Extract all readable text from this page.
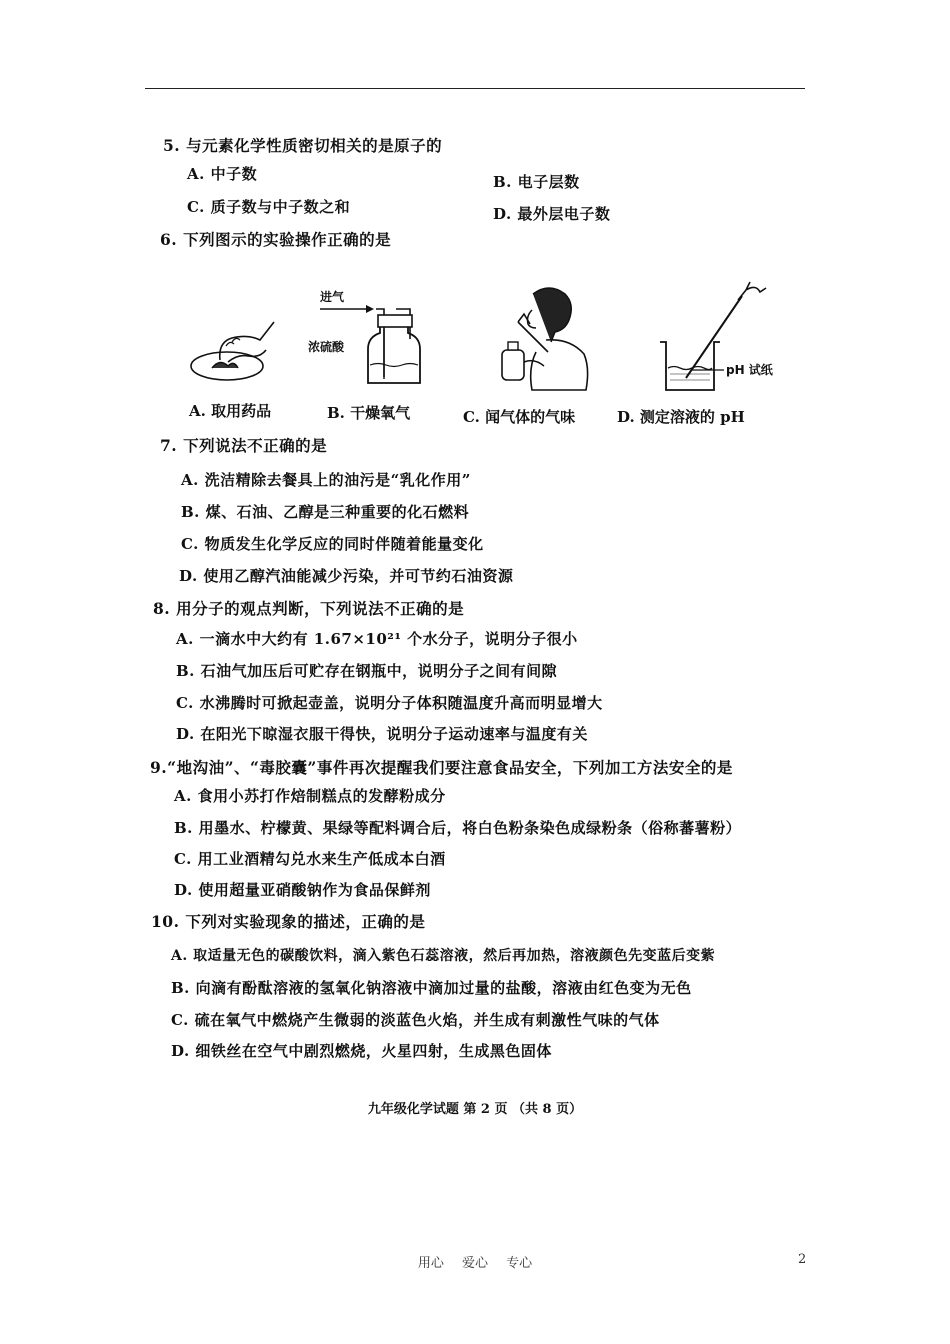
5. 与元素化学性质密切相关的是原子的
A. 中子数	B. 电子层数
C. 质子数与中子数之和	D. 最外层电子数
6. 下列图示的实验操作正确的是
进气
浓硫酸
pH 试纸
A. 取用药品	B. 干燥氧气	C. 闻气体的气味	D. 测定溶液的 pH
7. 下列说法不正确的是
A. 洗洁精除去餐具上的油污是“乳化作用”
B. 煤、石油、乙醇是三种重要的化石燃料
C. 物质发生化学反应的同时伴随着能量变化
D. 使用乙醇汽油能减少污染，并可节约石油资源
8. 用分子的观点判断，下列说法不正确的是
A. 一滴水中大约有 1.67×10²¹ 个水分子，说明分子很小
B. 石油气加压后可贮存在钢瓶中，说明分子之间有间隙
C. 水沸腾时可掀起壶盖，说明分子体积随温度升高而明显增大
D. 在阳光下晾湿衣服干得快，说明分子运动速率与温度有关
9.“地沟油”、“毒胶囊”事件再次提醒我们要注意食品安全，下列加工方法安全的是
A. 食用小苏打作焙制糕点的发酵粉成分
B. 用墨水、柠檬黄、果绿等配料调合后，将白色粉条染色成绿粉条（俗称蕃薯粉）
C. 用工业酒精勾兑水来生产低成本白酒
D. 使用超量亚硝酸钠作为食品保鲜剂
10. 下列对实验现象的描述，正确的是
A. 取适量无色的碳酸饮料，滴入紫色石蕊溶液，然后再加热，溶液颜色先变蓝后变紫
B. 向滴有酚酞溶液的氢氧化钠溶液中滴加过量的盐酸，溶液由红色变为无色
C. 硫在氧气中燃烧产生微弱的淡蓝色火焰，并生成有刺激性气味的气体
D. 细铁丝在空气中剧烈燃烧，火星四射，生成黑色固体
九年级化学试题 第 2 页 （共 8 页）
用心 爱心 专心	2
